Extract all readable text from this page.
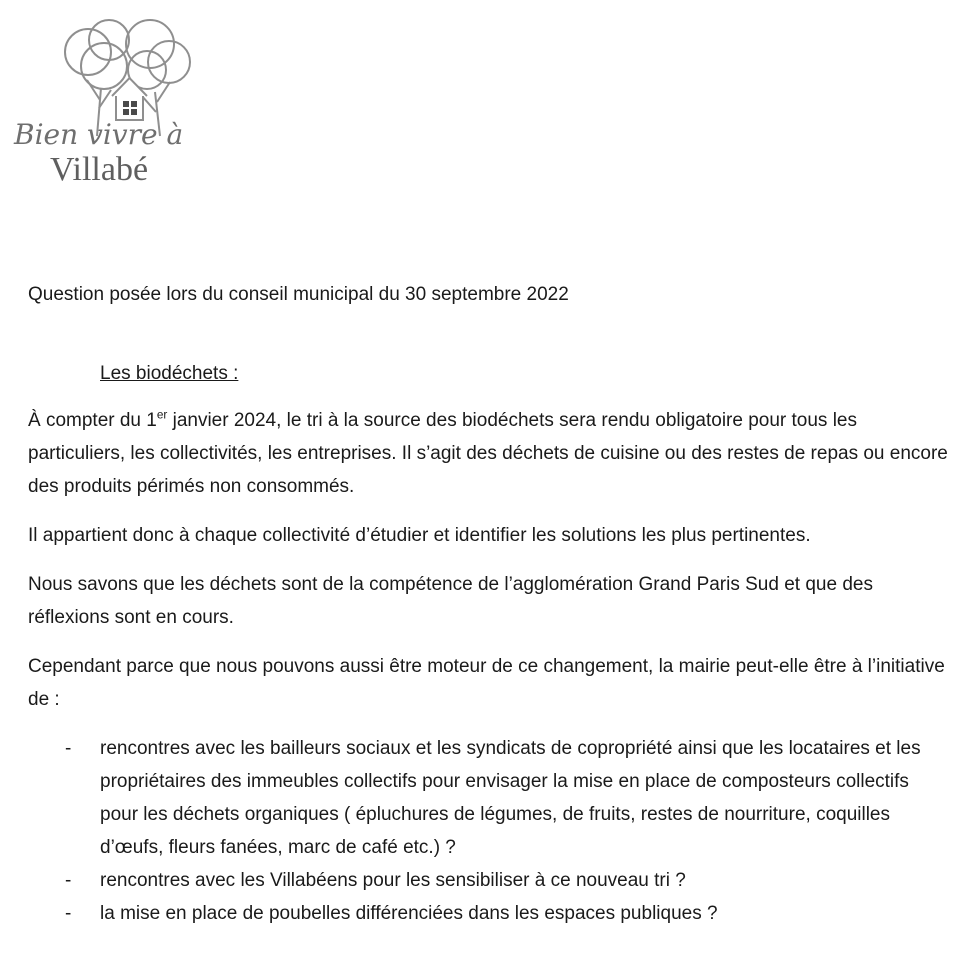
Bien vivre à
Villabé

Question posée lors du conseil municipal du 30 septembre 2022

Les biodéchets :

À compter du 1er janvier 2024, le tri à la source des biodéchets sera rendu obligatoire pour tous les particuliers, les collectivités, les entreprises. Il s’agit des déchets de cuisine ou des restes de repas ou encore des produits périmés non consommés.

Il appartient donc à chaque collectivité d’étudier et identifier les solutions les plus pertinentes.

Nous savons que les déchets sont de la compétence de l’agglomération Grand Paris Sud et que des réflexions sont en cours.

Cependant parce que nous pouvons aussi être moteur de ce changement, la mairie peut-elle être à l’initiative de :

- rencontres avec les bailleurs sociaux et les syndicats de copropriété ainsi que les locataires et les propriétaires des immeubles collectifs pour envisager la mise en place de composteurs collectifs pour les déchets organiques ( épluchures de légumes, de fruits, restes de nourriture, coquilles d’œufs, fleurs fanées, marc de café etc.) ?
- rencontres avec les Villabéens pour les sensibiliser à ce nouveau tri ?
- la mise en place de poubelles différenciées dans les espaces publiques ?
